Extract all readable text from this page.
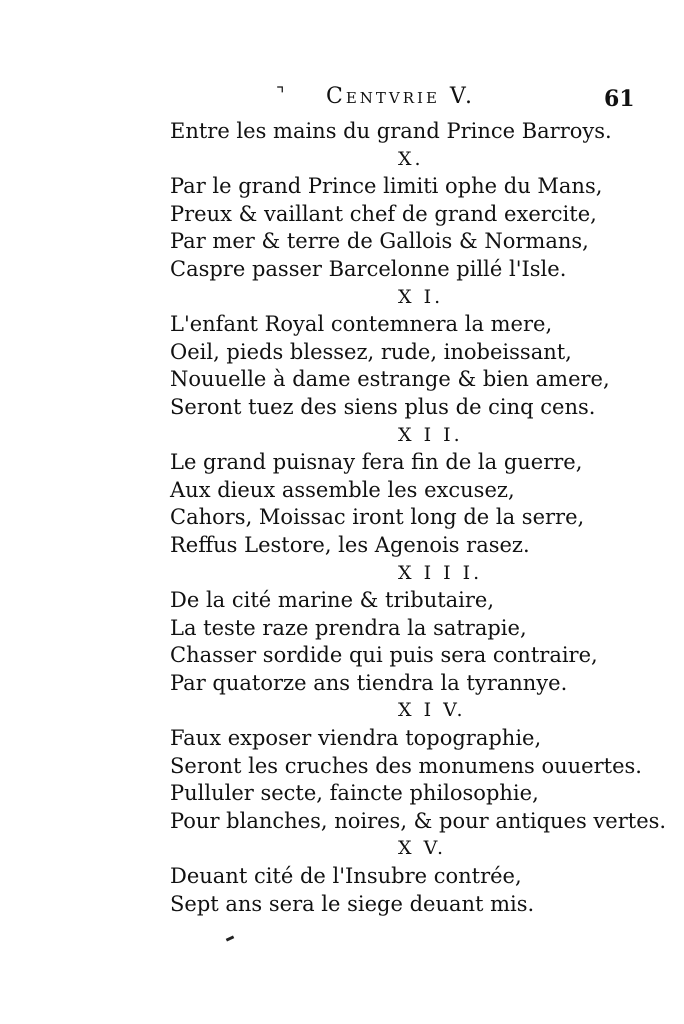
⌝ Centvrie V.	61
Entre les mains du grand Prince Barroys.
X.
Par le grand Prince limiti ophe du Mans,
Preux & vaillant chef de grand exercite,
Par mer & terre de Gallois & Normans,
Caspre passer Barcelonne pillé l'Isle.
X I.
L'enfant Royal contemnera la mere,
Oeil, pieds blessez, rude, inobeissant,
Nouuelle à dame estrange & bien amere,
Seront tuez des siens plus de cinq cens.
X I I.
Le grand puisnay fera fin de la guerre,
Aux dieux assemble les excusez,
Cahors, Moissac iront long de la serre,
Reffus Lestore, les Agenois rasez.
X I I I.
De la cité marine & tributaire,
La teste raze prendra la satrapie,
Chasser sordide qui puis sera contraire,
Par quatorze ans tiendra la tyrannye.
X I V.
Faux exposer viendra topographie,
Seront les cruches des monumens ouuertes.
Pulluler secte, faincte philosophie,
Pour blanches, noires, & pour antiques vertes.
X V.
Deuant cité de l'Insubre contrée,
Sept ans sera le siege deuant mis.
